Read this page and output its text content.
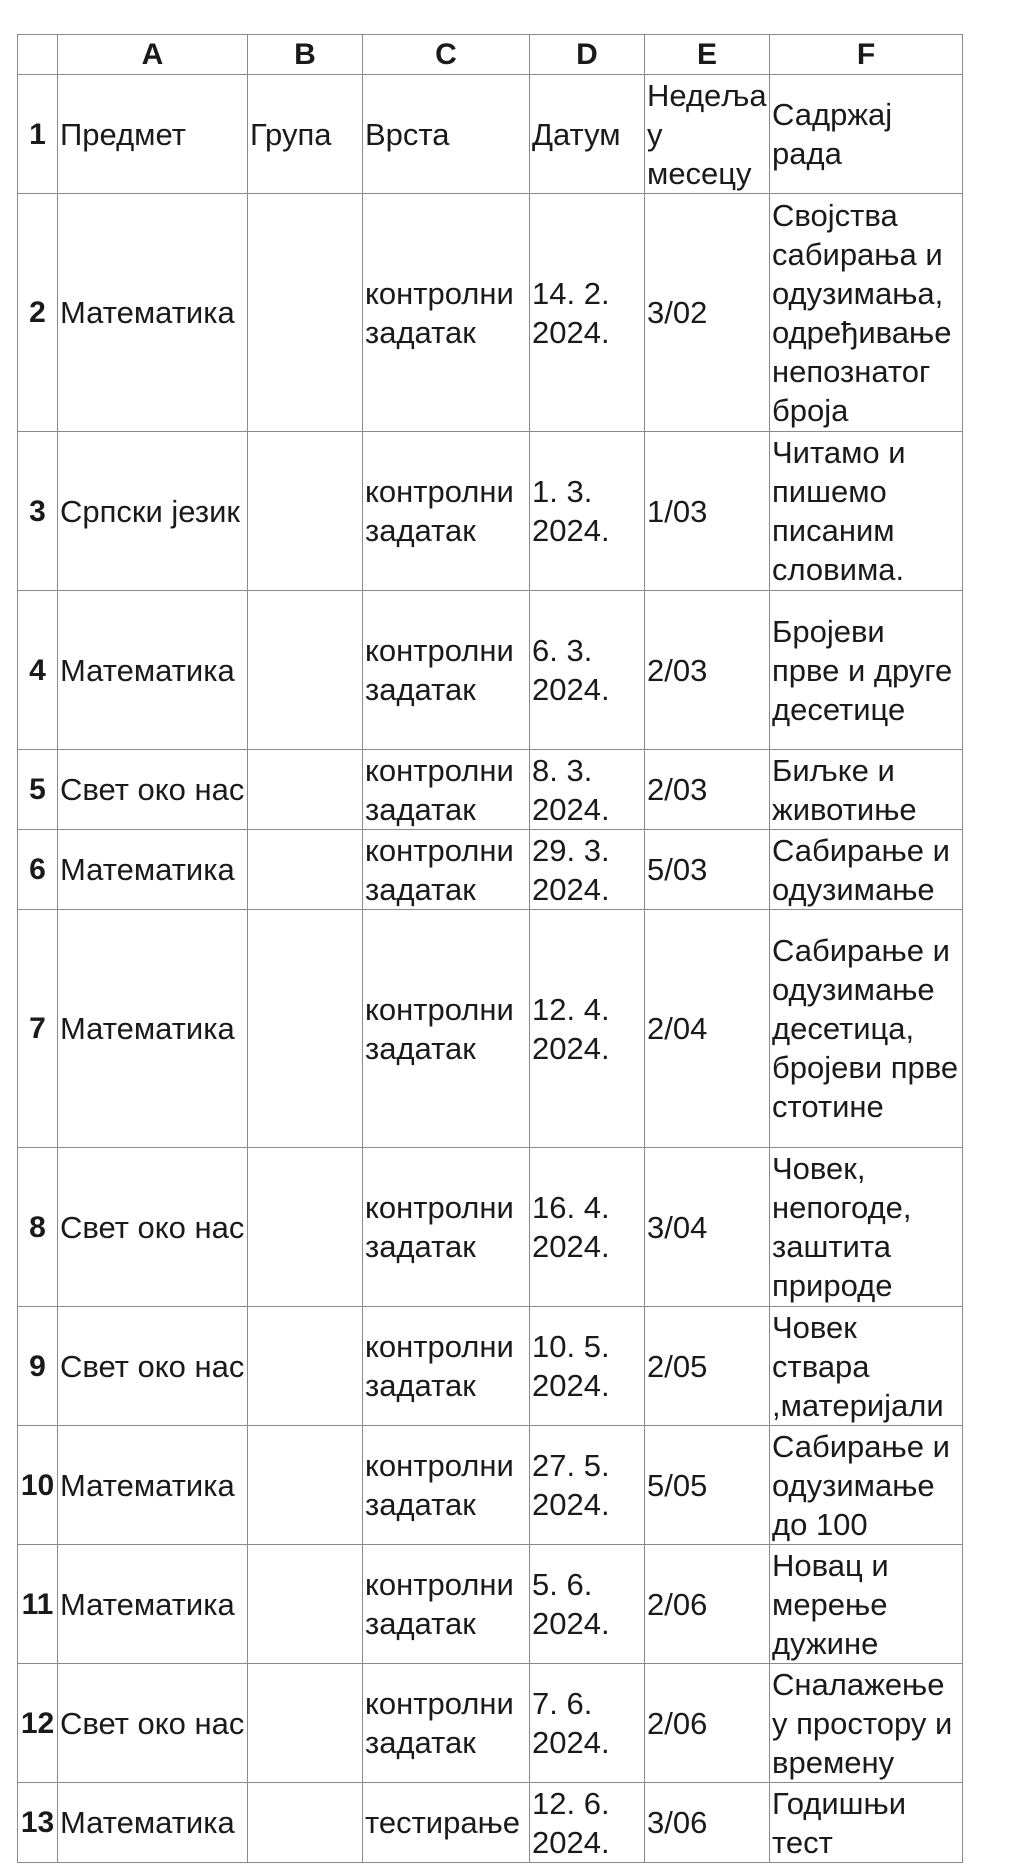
	A	B	C	D	E	F
1	Предмет	Група	Врста	Датум	Недеља у месецу	Садржај рада
2	Математика		контролни задатак	14. 2. 2024.	3/02	Својства сабирања и одузимања, одређивање непознатог броја
3	Српски језик		контролни задатак	1. 3. 2024.	1/03	Читамо и пишемо писаним словима.
4	Математика		контролни задатак	6. 3. 2024.	2/03	Бројеви прве и друге десетице
5	Свет око нас		контролни задатак	8. 3. 2024.	2/03	Биљке и животиње
6	Математика		контролни задатак	29. 3. 2024.	5/03	Сабирање и одузимање
7	Математика		контролни задатак	12. 4. 2024.	2/04	Сабирање и одузимање десетица, бројеви прве стотине
8	Свет око нас		контролни задатак	16. 4. 2024.	3/04	Човек, непогоде, заштита природе
9	Свет око нас		контролни задатак	10. 5. 2024.	2/05	Човек ствара ,материјали
10	Математика		контролни задатак	27. 5. 2024.	5/05	Сабирање и одузимање до 100
11	Математика		контролни задатак	5. 6. 2024.	2/06	Новац и мерење дужине
12	Свет око нас		контролни задатак	7. 6. 2024.	2/06	Сналажење у простору и времену
13	Математика		тестирање	12. 6. 2024.	3/06	Годишњи тест
